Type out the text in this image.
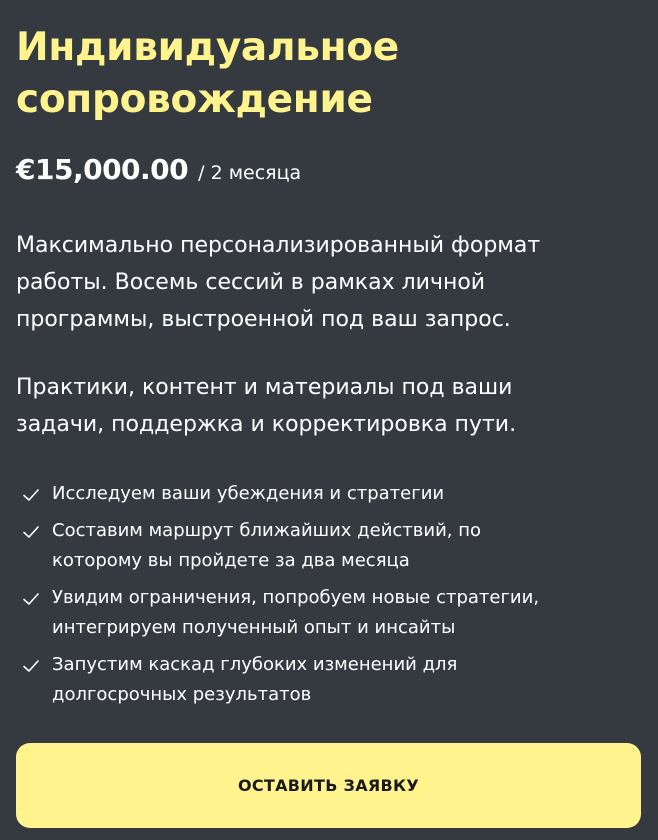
Индивидуальное
сопровождение
€15,000.00 / 2 месяца

Максимально персонализированный формат
работы. Восемь сессий в рамках личной
программы, выстроенной под ваш запрос.

Практики, контент и материалы под ваши
задачи, поддержка и корректировка пути.

Исследуем ваши убеждения и стратегии
Составим маршрут ближайших действий, по
которому вы пройдете за два месяца
Увидим ограничения, попробуем новые стратегии,
интегрируем полученный опыт и инсайты
Запустим каскад глубоких изменений для
долгосрочных результатов
ОСТАВИТЬ ЗАЯВКУ
